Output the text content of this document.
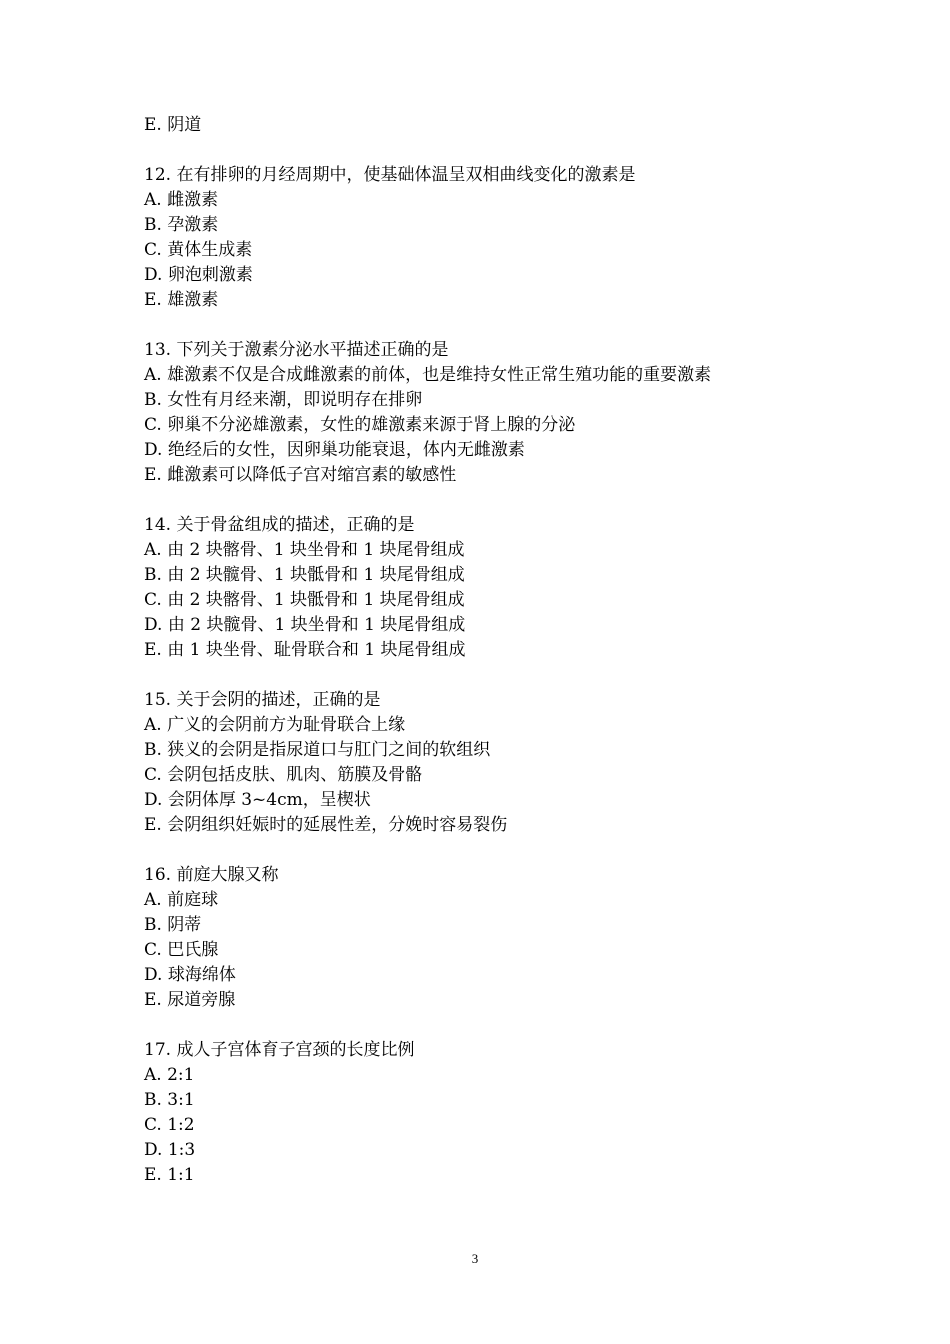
E. 阴道
12. 在有排卵的月经周期中，使基础体温呈双相曲线变化的激素是
A. 雌激素
B. 孕激素
C. 黄体生成素
D. 卵泡刺激素
E. 雄激素
13. 下列关于激素分泌水平描述正确的是
A. 雄激素不仅是合成雌激素的前体，也是维持女性正常生殖功能的重要激素
B. 女性有月经来潮，即说明存在排卵
C. 卵巢不分泌雄激素，女性的雄激素来源于肾上腺的分泌
D. 绝经后的女性，因卵巢功能衰退，体内无雌激素
E. 雌激素可以降低子宫对缩宫素的敏感性
14. 关于骨盆组成的描述，正确的是
A. 由 2 块髂骨、1 块坐骨和 1 块尾骨组成
B. 由 2 块髋骨、1 块骶骨和 1 块尾骨组成
C. 由 2 块髂骨、1 块骶骨和 1 块尾骨组成
D. 由 2 块髋骨、1 块坐骨和 1 块尾骨组成
E. 由 1 块坐骨、耻骨联合和 1 块尾骨组成
15. 关于会阴的描述，正确的是
A. 广义的会阴前方为耻骨联合上缘
B. 狭义的会阴是指尿道口与肛门之间的软组织
C. 会阴包括皮肤、肌肉、筋膜及骨骼
D. 会阴体厚 3~4cm，呈楔状
E. 会阴组织妊娠时的延展性差，分娩时容易裂伤
16. 前庭大腺又称
A. 前庭球
B. 阴蒂
C. 巴氏腺
D. 球海绵体
E. 尿道旁腺
17. 成人子宫体育子宫颈的长度比例
A. 2:1
B. 3:1
C. 1:2
D. 1:3
E. 1:1
3
